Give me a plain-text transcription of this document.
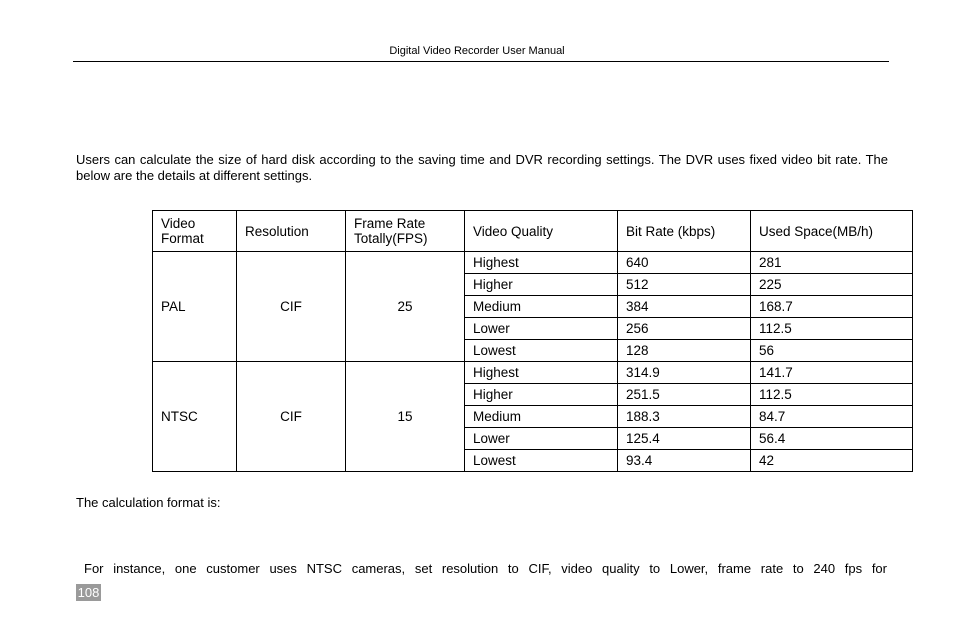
Digital Video Recorder User Manual

Users can calculate the size of hard disk according to the saving time and DVR recording settings. The DVR uses fixed video bit rate. The below are the details at different settings.

Video Format	Resolution	Frame Rate Totally(FPS)	Video Quality	Bit Rate (kbps)	Used Space(MB/h)
PAL	CIF	25	Highest	640	281
			Higher	512	225
			Medium	384	168.7
			Lower	256	112.5
			Lowest	128	56
NTSC	CIF	15	Highest	314.9	141.7
			Higher	251.5	112.5
			Medium	188.3	84.7
			Lower	125.4	56.4
			Lowest	93.4	42
The calculation format is:
For instance, one customer uses NTSC cameras, set resolution to CIF, video quality to Lower, frame rate to 240 fps for
108
